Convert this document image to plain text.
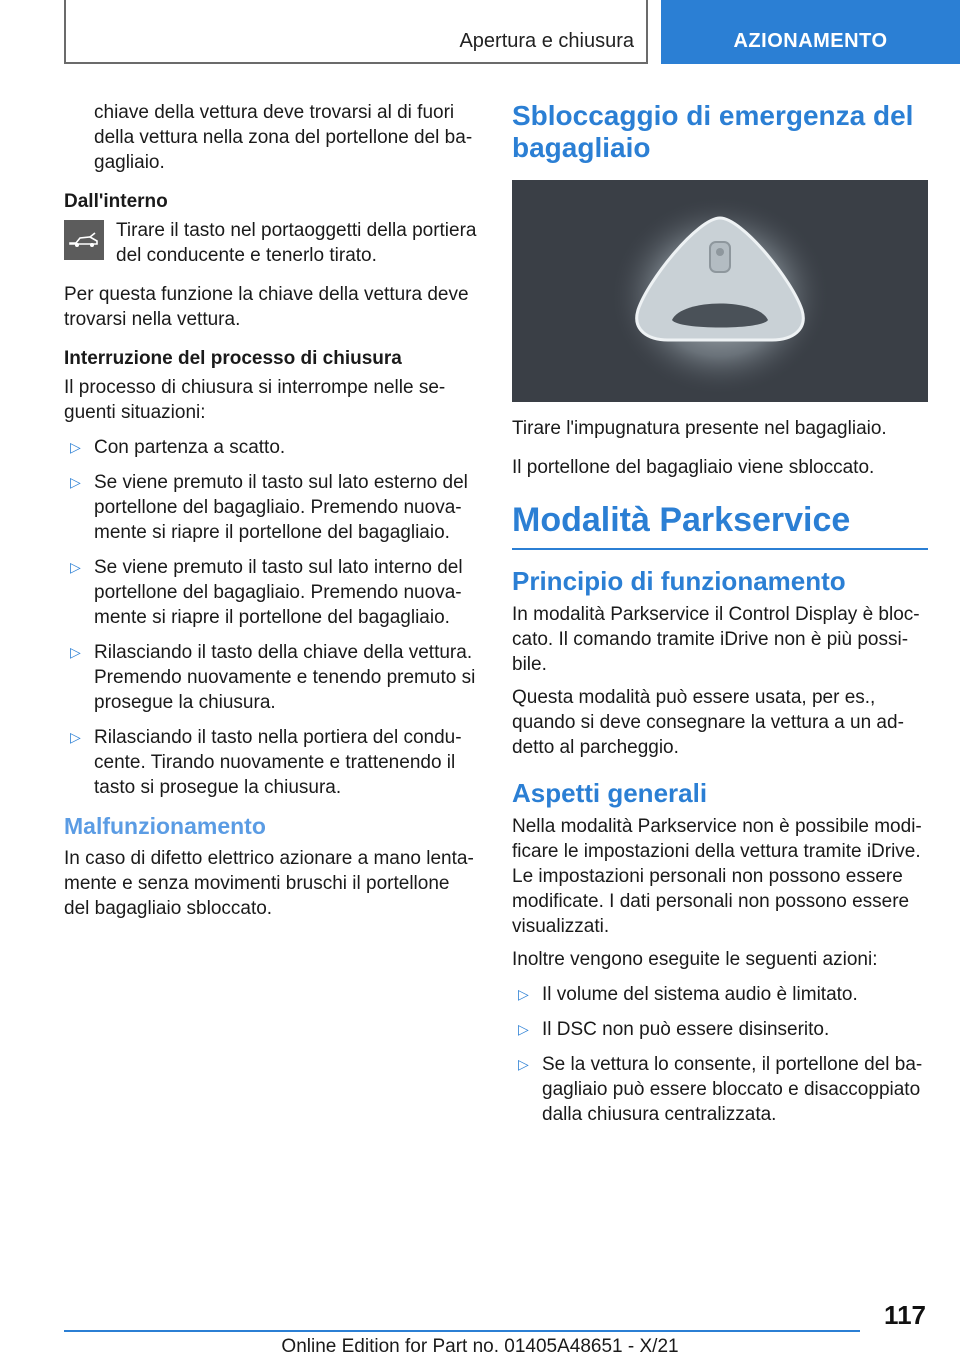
Apertura e chiusura	AZIONAMENTO

chiave della vettura deve trovarsi al di fuori della vettura nella zona del portellone del bagagliaio.

Dall'interno
Tirare il tasto nel portaoggetti della portiera del conducente e tenerlo tirato.

Per questa funzione la chiave della vettura deve trovarsi nella vettura.

Interruzione del processo di chiusura

Il processo di chiusura si interrompe nelle seguenti situazioni:

▷ Con partenza a scatto.
▷ Se viene premuto il tasto sul lato esterno del portellone del bagagliaio. Premendo nuovamente si riapre il portellone del bagagliaio.
▷ Se viene premuto il tasto sul lato interno del portellone del bagagliaio. Premendo nuovamente si riapre il portellone del bagagliaio.
▷ Rilasciando il tasto della chiave della vettura. Premendo nuovamente e tenendo premuto si prosegue la chiusura.
▷ Rilasciando il tasto nella portiera del conducente. Tirando nuovamente e trattenendo il tasto si prosegue la chiusura.
Malfunzionamento

In caso di difetto elettrico azionare a mano lentamente e senza movimenti bruschi il portellone del bagagliaio sbloccato.

Sbloccaggio di emergenza del bagagliaio

Tirare l'impugnatura presente nel bagagliaio.

Il portellone del bagagliaio viene sbloccato.

Modalità Parkservice
Principio di funzionamento

In modalità Parkservice il Control Display è bloccato. Il comando tramite iDrive non è più possibile.

Questa modalità può essere usata, per es., quando si deve consegnare la vettura a un addetto al parcheggio.

Aspetti generali

Nella modalità Parkservice non è possibile modificare le impostazioni della vettura tramite iDrive. Le impostazioni personali non possono essere modificate. I dati personali non possono essere visualizzati.

Inoltre vengono eseguite le seguenti azioni:

▷ Il volume del sistema audio è limitato.
▷ Il DSC non può essere disinserito.
▷ Se la vettura lo consente, il portellone del bagagliaio può essere bloccato e disaccoppiato dalla chiusura centralizzata.
117
Online Edition for Part no. 01405A48651 - X/21
